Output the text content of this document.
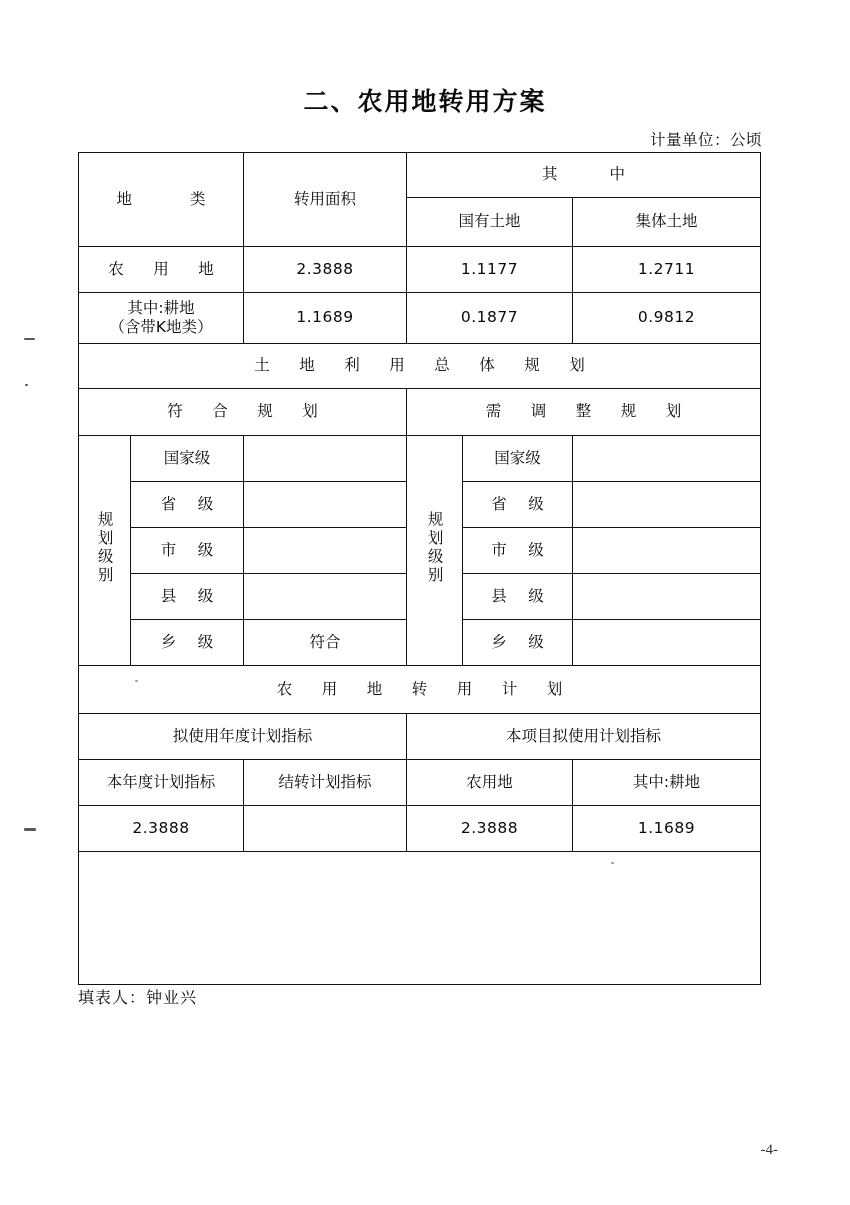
二、农用地转用方案
计量单位：公顷
地　　类		转用面积	其　　中		
			国有土地		集体土地
农　用　地		2.3888	1.1177		1.2711

其中:耕地
（含带K地类）		1.1689	0.1877		0.9812
土　地　利　用　总　体　规　划					
符　合　规　划			需　调　整　规　划		
规划级别	国家级		规划级别	国家级	
	省　级			省　级	
	市　级			市　级	
	县　级			县　级	
	乡　级	符合		乡　级	
农　用　地　转　用　计　划					
拟使用年度计划指标			本项目拟使用计划指标		
本年度计划指标		结转计划指标	农用地		其中:耕地
2.3888			2.3888		1.1689

填表人：钟业兴
-4-
